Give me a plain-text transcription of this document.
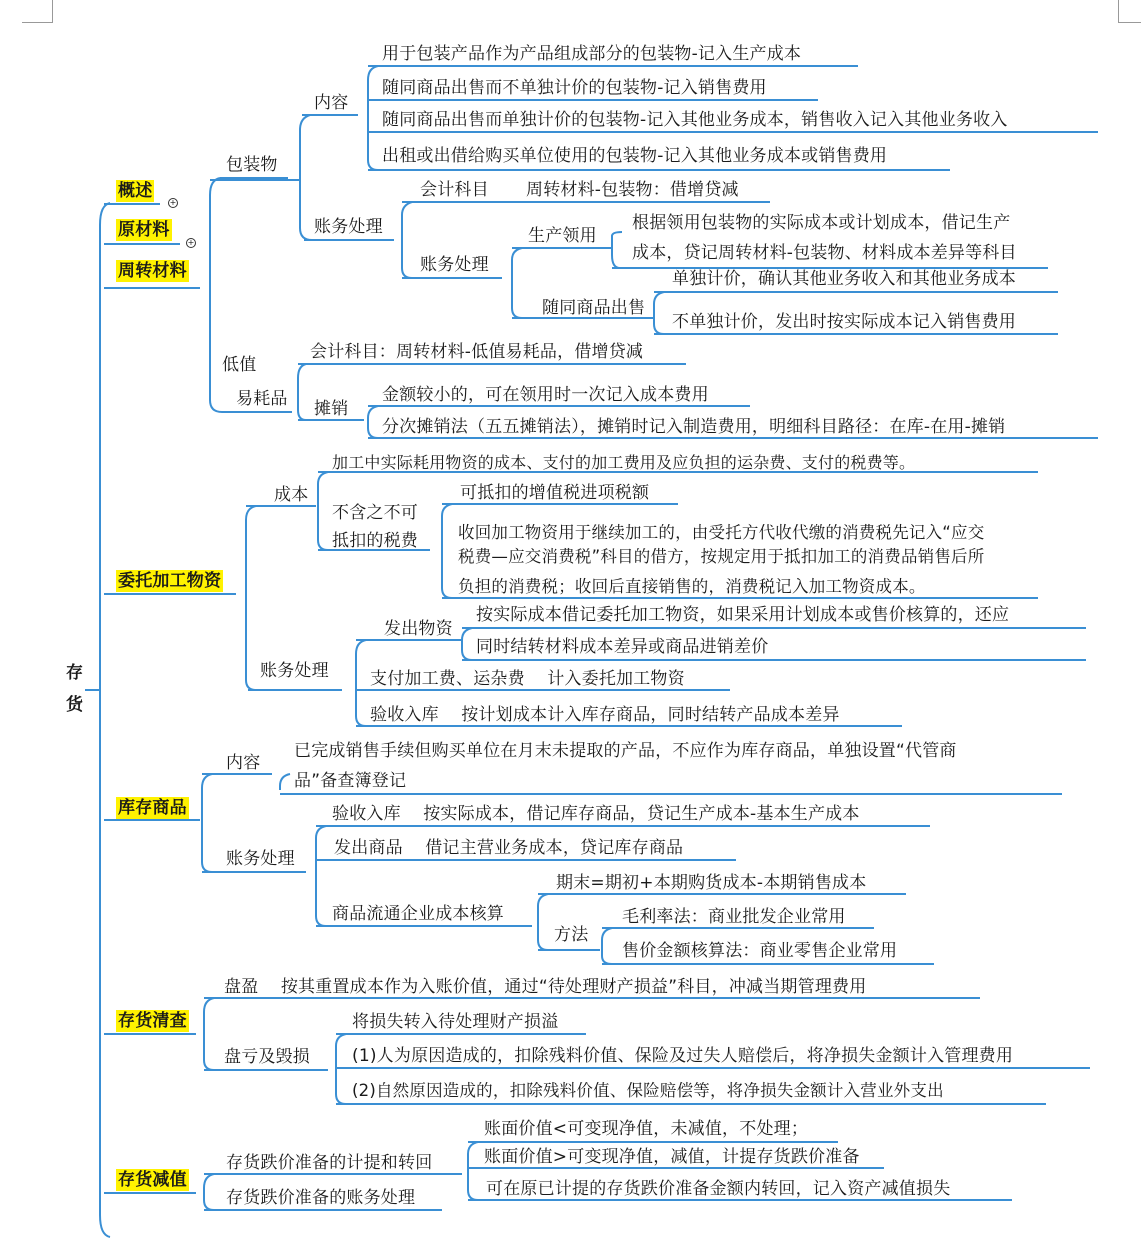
存
货
概述
+
原材料
+
周转材料
委托加工物资
库存商品
存货清查
存货减值
包装物
内容
用于包装产品作为产品组成部分的包装物-记入生产成本
随同商品出售而不单独计价的包装物-记入销售费用
随同商品出售而单独计价的包装物-记入其他业务成本，销售收入记入其他业务收入
出租或出借给购买单位使用的包装物-记入其他业务成本或销售费用
账务处理
会计科目 周转材料-包装物：借增贷减
账务处理
生产领用
根据领用包装物的实际成本或计划成本，借记生产
成本，贷记周转材料-包装物、材料成本差异等科目
随同商品出售
单独计价，确认其他业务收入和其他业务成本
不单独计价，发出时按实际成本记入销售费用
低值
易耗品
会计科目：周转材料-低值易耗品，借增贷减
摊销
金额较小的，可在领用时一次记入成本费用
分次摊销法（五五摊销法），摊销时记入制造费用，明细科目路径：在库-在用-摊销
成本
加工中实际耗用物资的成本、支付的加工费用及应负担的运杂费、支付的税费等。
不含之不可
抵扣的税费
可抵扣的增值税进项税额
收回加工物资用于继续加工的，由受托方代收代缴的消费税先记入“应交
税费—应交消费税”科目的借方，按规定用于抵扣加工的消费品销售后所
负担的消费税；收回后直接销售的，消费税记入加工物资成本。
账务处理
发出物资
按实际成本借记委托加工物资，如果采用计划成本或售价核算的，还应
同时结转材料成本差异或商品进销差价
支付加工费、运杂费    计入委托加工物资
验收入库    按计划成本计入库存商品，同时结转产品成本差异
内容
已完成销售手续但购买单位在月末未提取的产品，不应作为库存商品，单独设置“代管商
品”备查簿登记
账务处理
验收入库    按实际成本，借记库存商品，贷记生产成本-基本生产成本
发出商品    借记主营业务成本，贷记库存商品
商品流通企业成本核算
期末=期初+本期购货成本-本期销售成本
方法
毛利率法：商业批发企业常用
售价金额核算法：商业零售企业常用
盘盈    按其重置成本作为入账价值，通过“待处理财产损益”科目，冲减当期管理费用
盘亏及毁损
将损失转入待处理财产损溢
(1)人为原因造成的，扣除残料价值、保险及过失人赔偿后，将净损失金额计入管理费用
(2)自然原因造成的，扣除残料价值、保险赔偿等，将净损失金额计入营业外支出
存货跌价准备的计提和转回
存货跌价准备的账务处理
账面价值<可变现净值，未减值，不处理；
账面价值>可变现净值，减值，计提存货跌价准备
可在原已计提的存货跌价准备金额内转回，记入资产减值损失
